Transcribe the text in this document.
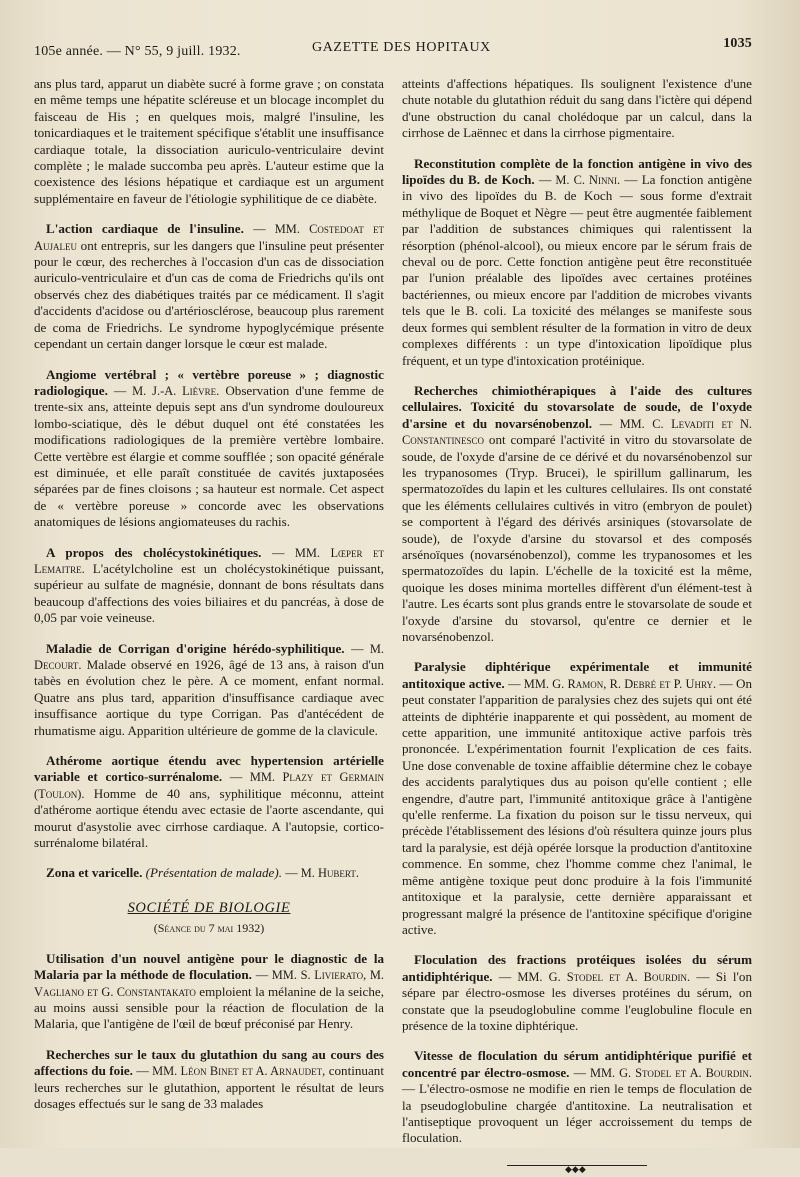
105e année. — N° 55, 9 juill. 1932.	GAZETTE DES HOPITAUX	1035

ans plus tard, apparut un diabète sucré à forme grave ; on constata en même temps une hépatite scléreuse et un blocage incomplet du faisceau de His ; en quelques mois, malgré l'insuline, les tonicardiaques et le traitement spécifique s'établit une insuffisance cardiaque totale, la dissociation auriculo-ventriculaire devint complète ; le malade succomba peu après. L'auteur estime que la coexistence des lésions hépatique et cardiaque est un argument supplémentaire en faveur de l'étiologie syphilitique de ce diabète.

L'action cardiaque de l'insuline. — MM. Costedoat et Aujaleu ont entrepris, sur les dangers que l'insuline peut présenter pour le cœur, des recherches à l'occasion d'un cas de dissociation auriculo-ventriculaire et d'un cas de coma de Friedrichs qu'ils ont observés chez des diabétiques traités par ce médicament. Il s'agit d'accidents d'acidose ou d'artériosclérose, beaucoup plus rarement de coma de Friedrichs. Le syndrome hypoglycémique présente cependant un certain danger lorsque le cœur est malade.

Angiome vertébral ; « vertèbre poreuse » ; diagnostic radiologique. — M. J.-A. Lièvre. Observation d'une femme de trente-six ans, atteinte depuis sept ans d'un syndrome douloureux lombo-sciatique, dès le début duquel ont été constatées les modifications radiologiques de la première vertèbre lombaire. Cette vertèbre est élargie et comme soufflée ; son opacité générale est diminuée, et elle paraît constituée de cavités juxtaposées séparées par de fines cloisons ; sa hauteur est normale. Cet aspect de « vertèbre poreuse » concorde avec les observations anatomiques de lésions angiomateuses du rachis.

A propos des cholécystokinétiques. — MM. Lœper et Lemaitre. L'acétylcholine est un cholécystokinétique puissant, supérieur au sulfate de magnésie, donnant de bons résultats dans beaucoup d'affections des voies biliaires et du pancréas, à dose de 0,05 par voie veineuse.

Maladie de Corrigan d'origine hérédo-syphilitique. — M. Decourt. Malade observé en 1926, âgé de 13 ans, à raison d'un tabès en évolution chez le père. A ce moment, enfant normal. Quatre ans plus tard, apparition d'insuffisance cardiaque avec insuffisance aortique du type Corrigan. Pas d'antécédent de rhumatisme aigu. Apparition ultérieure de gomme de la clavicule.

Athérome aortique étendu avec hypertension artérielle variable et cortico-surrénalome. — MM. Plazy et Germain (Toulon). Homme de 40 ans, syphilitique méconnu, atteint d'athérome aortique étendu avec ectasie de l'aorte ascendante, qui mourut d'asystolie avec cirrhose cardiaque. A l'autopsie, cortico-surrénalome bilatéral.

Zona et varicelle. (Présentation de malade). — M. Hubert.

SOCIÉTÉ DE BIOLOGIE
(Séance du 7 mai 1932)

Utilisation d'un nouvel antigène pour le diagnostic de la Malaria par la méthode de floculation. — MM. S. Livierato, M. Vagliano et G. Constantakato emploient la mélanine de la seiche, au moins aussi sensible pour la réaction de floculation de la Malaria, que l'antigène de l'œil de bœuf préconisé par Henry.

Recherches sur le taux du glutathion du sang au cours des affections du foie. — MM. Léon Binet et A. Arnaudet, continuant leurs recherches sur le glutathion, apportent le résultat de leurs dosages effectués sur le sang de 33 malades

atteints d'affections hépatiques. Ils soulignent l'existence d'une chute notable du glutathion réduit du sang dans l'ictère qui dépend d'une obstruction du canal cholédoque par un calcul, dans la cirrhose de Laënnec et dans la cirrhose pigmentaire.

Reconstitution complète de la fonction antigène in vivo des lipoïdes du B. de Koch. — M. C. Ninni. — La fonction antigène in vivo des lipoïdes du B. de Koch — sous forme d'extrait méthylique de Boquet et Nègre — peut être augmentée faiblement par l'addition de substances chimiques qui ralentissent la résorption (phénol-alcool), ou mieux encore par le sérum frais de cheval ou de porc. Cette fonction antigène peut être reconstituée par l'union préalable des lipoïdes avec certaines protéines bactériennes, ou mieux encore par l'addition de microbes vivants tels que le B. coli. La toxicité des mélanges se manifeste sous deux formes qui semblent résulter de la formation in vitro de deux complexes différents : un type d'intoxication lipoïdique plus fréquent, et un type d'intoxication protéinique.

Recherches chimiothérapiques à l'aide des cultures cellulaires. Toxicité du stovarsolate de soude, de l'oxyde d'arsine et du novarsénobenzol. — MM. C. Levaditi et N. Constantinesco ont comparé l'activité in vitro du stovarsolate de soude, de l'oxyde d'arsine de ce dérivé et du novarsénobenzol sur les trypanosomes (Tryp. Brucei), le spirillum gallinarum, les spermatozoïdes du lapin et les cultures cellulaires. Ils ont constaté que les éléments cellulaires cultivés in vitro (embryon de poulet) se comportent à l'égard des dérivés arsiniques (stovarsolate de soude), de l'oxyde d'arsine du stovarsol et des composés arsénoïques (novarsénobenzol), comme les trypanosomes et les spermatozoïdes du lapin. L'échelle de la toxicité est la même, quoique les doses minima mortelles diffèrent d'un élément-test à l'autre. Les écarts sont plus grands entre le stovarsolate de soude et l'oxyde d'arsine du stovarsol, qu'entre ce dernier et le novarsénobenzol.

Paralysie diphtérique expérimentale et immunité antitoxique active. — MM. G. Ramon, R. Debré et P. Uhry. — On peut constater l'apparition de paralysies chez des sujets qui ont été atteints de diphtérie inapparente et qui possèdent, au moment de cette apparition, une immunité antitoxique active parfois très prononcée. L'expérimentation fournit l'explication de ces faits. Une dose convenable de toxine affaiblie détermine chez le cobaye des accidents paralytiques dus au poison qu'elle contient ; elle engendre, d'autre part, l'immunité antitoxique grâce à l'antigène qu'elle renferme. La fixation du poison sur le tissu nerveux, qui précède l'établissement des lésions d'où résultera quinze jours plus tard la paralysie, est déjà opérée lorsque la production d'antitoxine commence. En somme, chez l'homme comme chez l'animal, le même antigène toxique peut donc produire à la fois l'immunité antitoxique et la paralysie, cette dernière apparaissant et progressant malgré la présence de l'antitoxine spécifique d'origine active.

Floculation des fractions protéiques isolées du sérum antidiphtérique. — MM. G. Stodel et A. Bourdin. — Si l'on sépare par électro-osmose les diverses protéines du sérum, on constate que la pseudoglobuline comme l'euglobuline flocule en présence de la toxine diphtérique.

Vitesse de floculation du sérum antidiphtérique purifié et concentré par électro-osmose. — MM. G. Stodel et A. Bourdin. — L'électro-osmose ne modifie en rien le temps de floculation de la pseudoglobuline chargée d'antitoxine. La neutralisation et l'antiseptique provoquent un léger accroissement du temps de floculation.

◆◆◆
